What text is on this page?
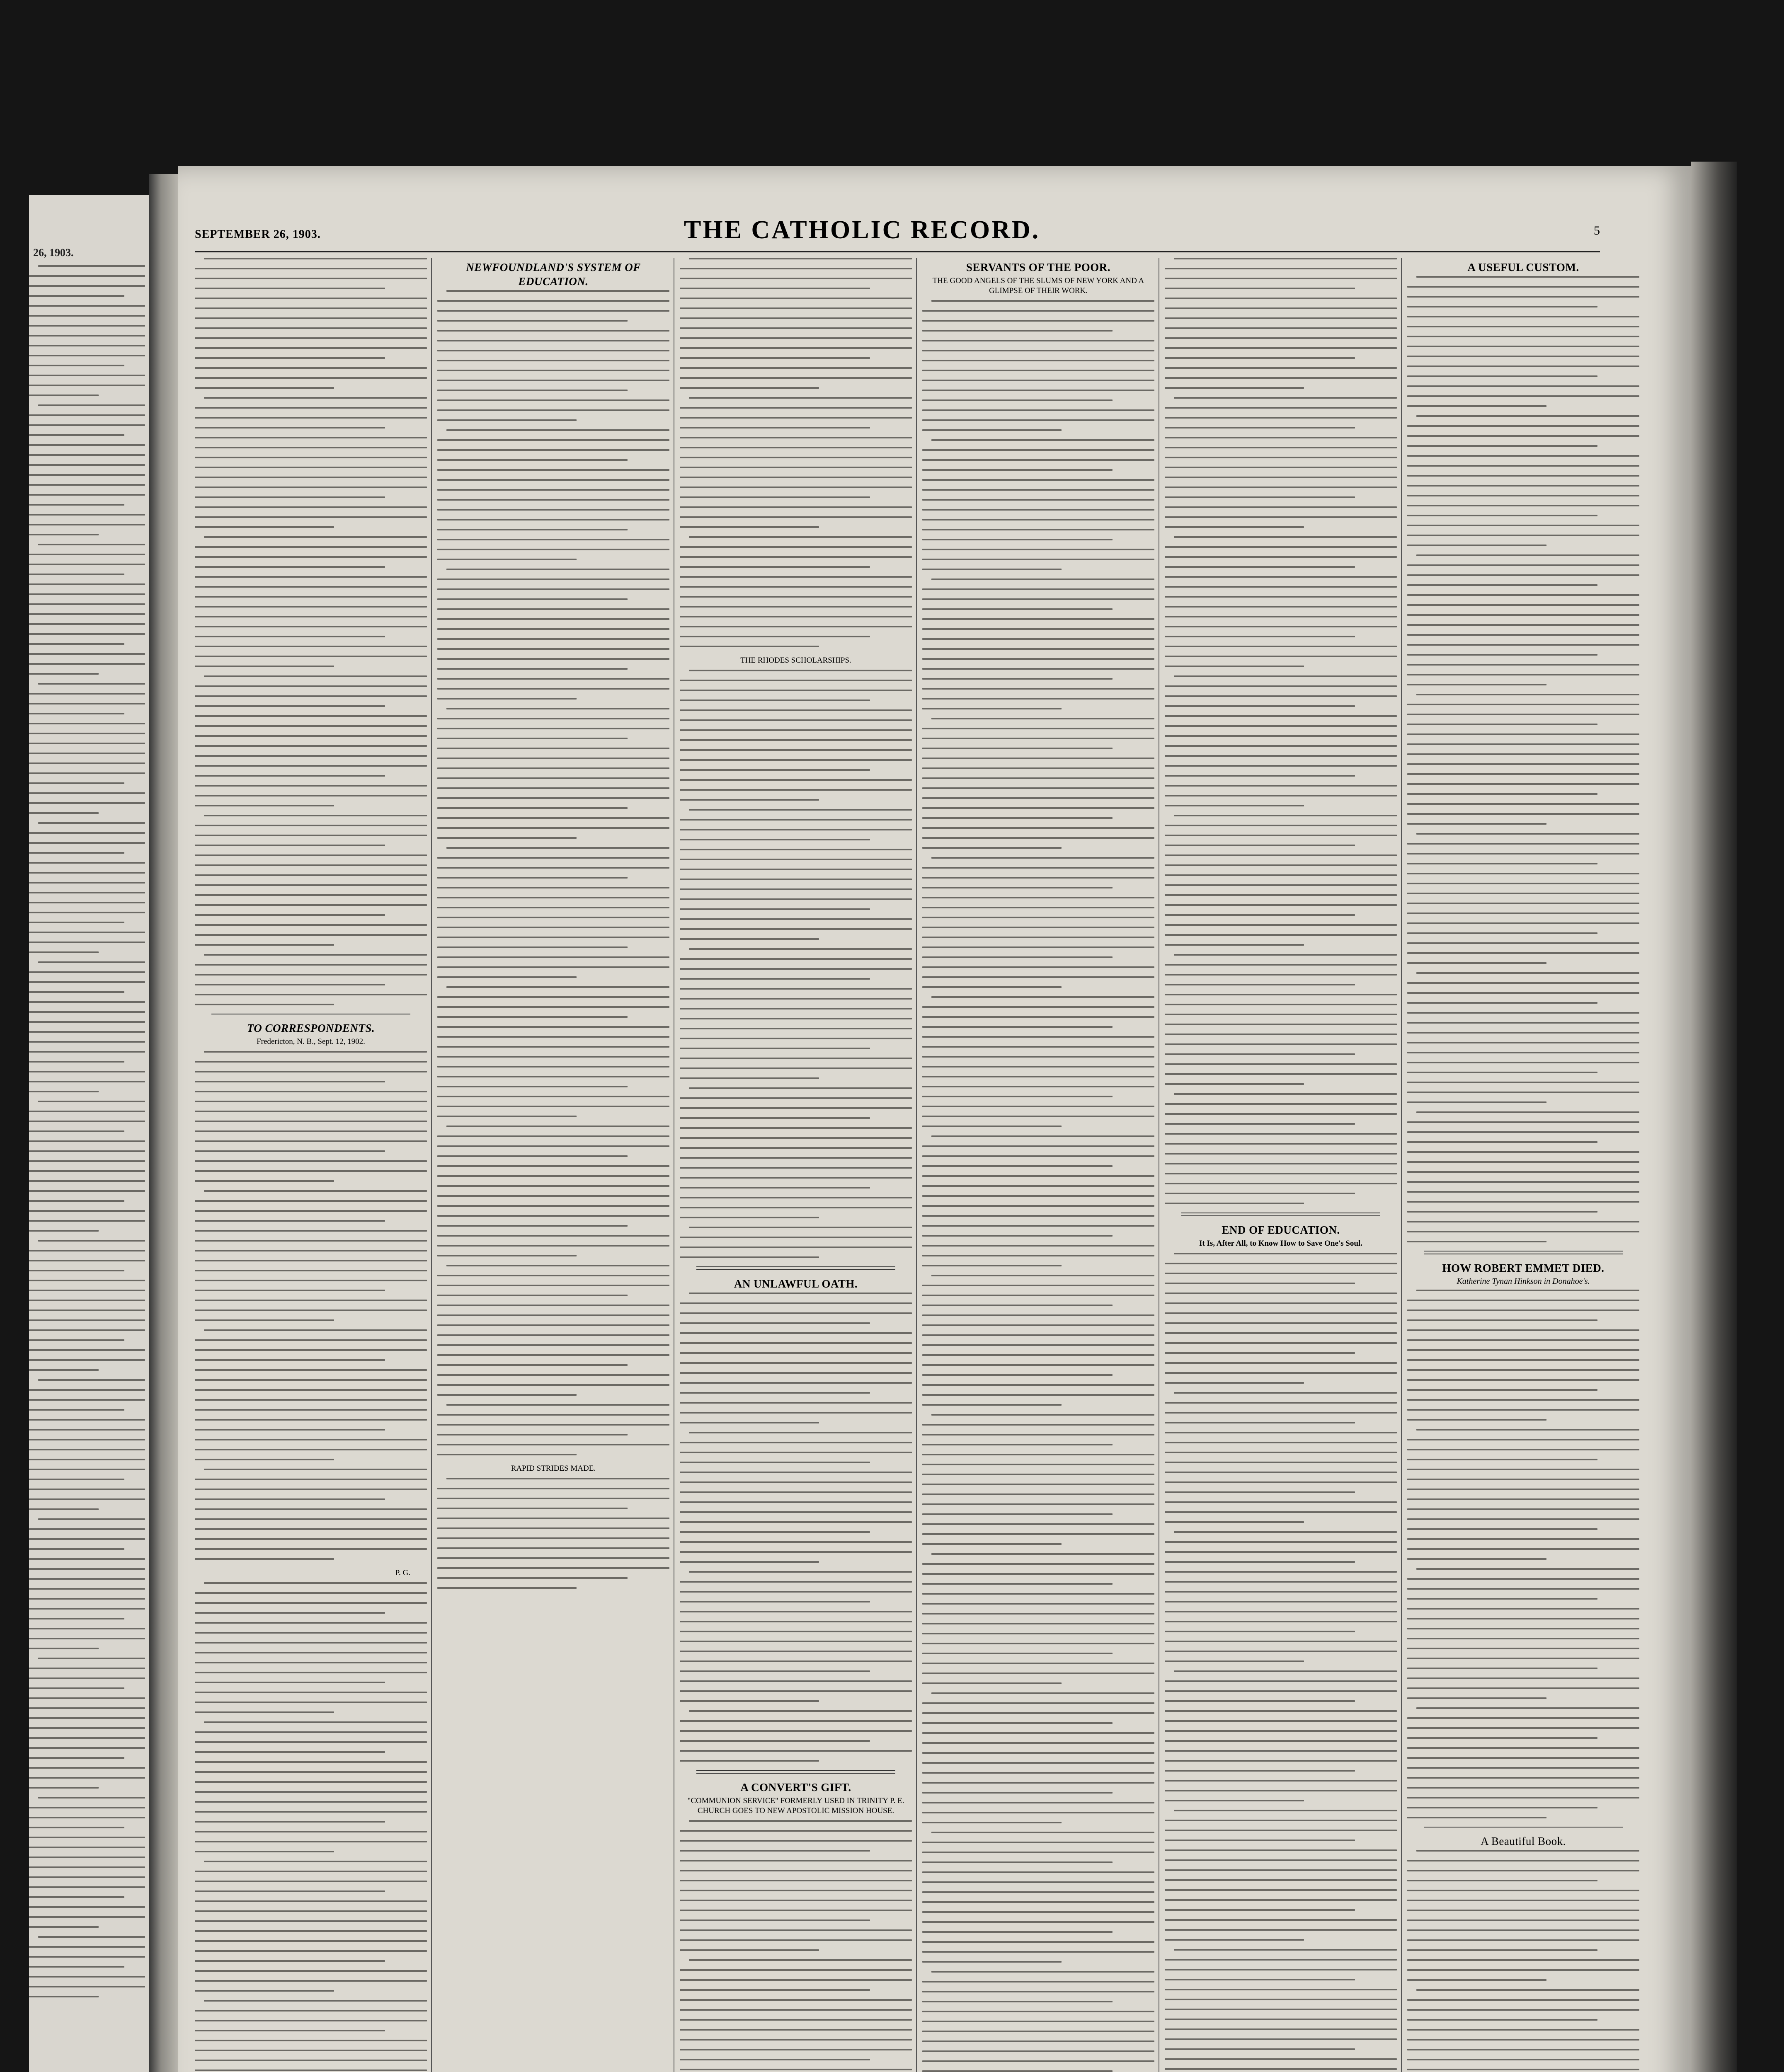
26, 1903.
SEPTEMBER 26, 1903.	THE CATHOLIC RECORD.	5
TO CORRESPONDENTS.
Fredericton, N. B., Sept. 12, 1902.
P. G.
NEWFOUNDLAND'S SYSTEM OF EDUCATION.
RAPID STRIDES MADE.
THE RHODES SCHOLARSHIPS.
AN UNLAWFUL OATH.
A CONVERT'S GIFT.
"COMMUNION SERVICE" FORMERLY USED IN TRINITY P. E. CHURCH GOES TO NEW APOSTOLIC MISSION HOUSE.
SERVANTS OF THE POOR.
THE GOOD ANGELS OF THE SLUMS OF NEW YORK AND A GLIMPSE OF THEIR WORK.
END OF EDUCATION.
It Is, After All, to Know How to Save One's Soul.
A USEFUL CUSTOM.
HOW ROBERT EMMET DIED.
Katherine Tynan Hinkson in Donahoe's.
A Beautiful Book.
